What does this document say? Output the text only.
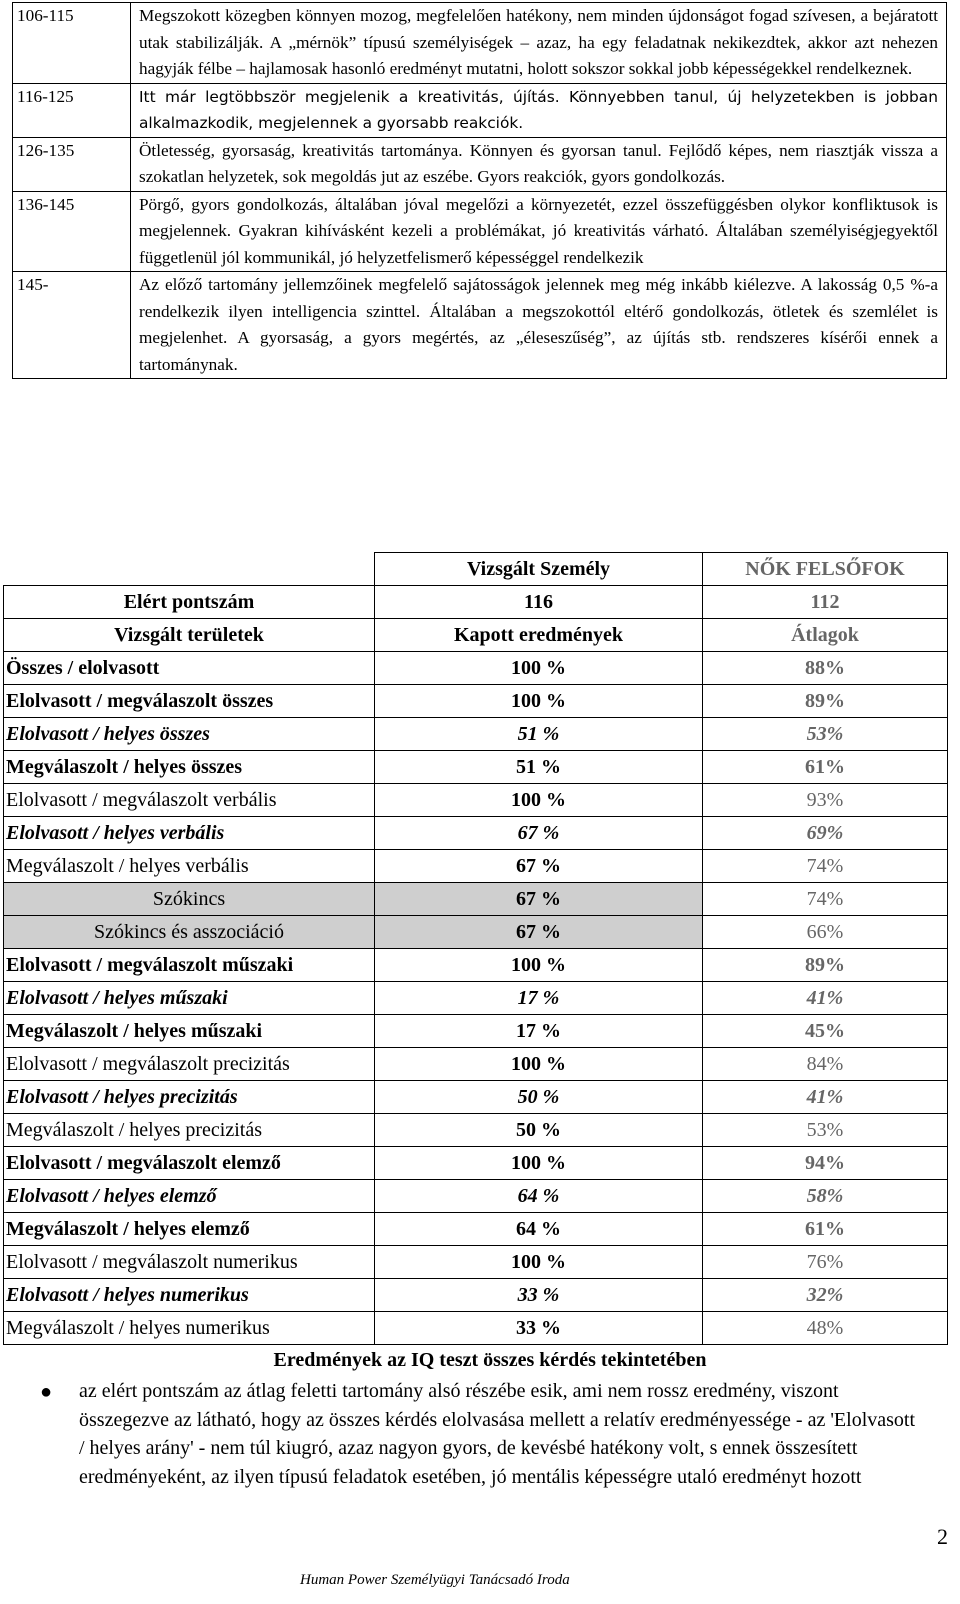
106-115	Megszokott közegben könnyen mozog, megfelelően hatékony, nem minden újdonságot fogad szívesen, a bejáratott utak stabilizálják. A „mérnök” típusú személyiségek – azaz, ha egy feladatnak nekikezdtek, akkor azt nehezen hagyják félbe – hajlamosak hasonló eredményt mutatni, holott sokszor sokkal jobb képességekkel rendelkeznek.
116-125	Itt már legtöbbször megjelenik a kreativitás, újítás. Könnyebben tanul, új helyzetekben is jobban alkalmazkodik, megjelennek a gyorsabb reakciók.
126-135	Ötletesség, gyorsaság, kreativitás tartománya. Könnyen és gyorsan tanul. Fejlődő képes, nem riasztják vissza a szokatlan helyzetek, sok megoldás jut az eszébe. Gyors reakciók, gyors gondolkozás.
136-145	Pörgő, gyors gondolkozás, általában jóval megelőzi a környezetét, ezzel összefüggésben olykor konfliktusok is megjelennek. Gyakran kihívásként kezeli a problémákat, jó kreativitás várható. Általában személyiségjegyektől függetlenül jól kommunikál, jó helyzetfelismerő képességgel rendelkezik
145-	Az előző tartomány jellemzőinek megfelelő sajátosságok jelennek meg még inkább kiélezve. A lakosság 0,5 %-a rendelkezik ilyen intelligencia szinttel. Általában a megszokottól eltérő gondolkozás, ötletek és szemlélet is megjelenhet. A gyorsaság, a gyors megértés, az „éleseszűség”, az újítás stb. rendszeres kísérői ennek a tartománynak.
	Vizsgált Személy	NŐK FELSŐFOK
Elért pontszám	116	112
Vizsgált területek	Kapott eredmények	Átlagok
Összes / elolvasott	100 %	88%
Elolvasott / megválaszolt összes	100 %	89%
Elolvasott / helyes összes	51 %	53%
Megválaszolt / helyes összes	51 %	61%
Elolvasott / megválaszolt verbális	100 %	93%
Elolvasott / helyes verbális	67 %	69%
Megválaszolt / helyes verbális	67 %	74%
Szókincs	67 %	74%
Szókincs és asszociáció	67 %	66%
Elolvasott / megválaszolt műszaki	100 %	89%
Elolvasott / helyes műszaki	17 %	41%
Megválaszolt / helyes műszaki	17 %	45%
Elolvasott / megválaszolt precizitás	100 %	84%
Elolvasott / helyes precizitás	50 %	41%
Megválaszolt / helyes precizitás	50 %	53%
Elolvasott / megválaszolt elemző	100 %	94%
Elolvasott / helyes elemző	64 %	58%
Megválaszolt / helyes elemző	64 %	61%
Elolvasott / megválaszolt numerikus	100 %	76%
Elolvasott / helyes numerikus	33 %	32%
Megválaszolt / helyes numerikus	33 %	48%
Eredmények az IQ teszt összes kérdés tekintetében
● az elért pontszám az átlag feletti tartomány alsó részébe esik, ami nem rossz eredmény, viszont összegezve az látható, hogy az összes kérdés elolvasása mellett a relatív eredményessége - az 'Elolvasott / helyes arány' - nem túl kiugró, azaz nagyon gyors, de kevésbé hatékony volt, s ennek összesített eredményeként, az ilyen típusú feladatok esetében, jó mentális képességre utaló eredményt hozott
2
Human Power Személyügyi Tanácsadó Iroda
